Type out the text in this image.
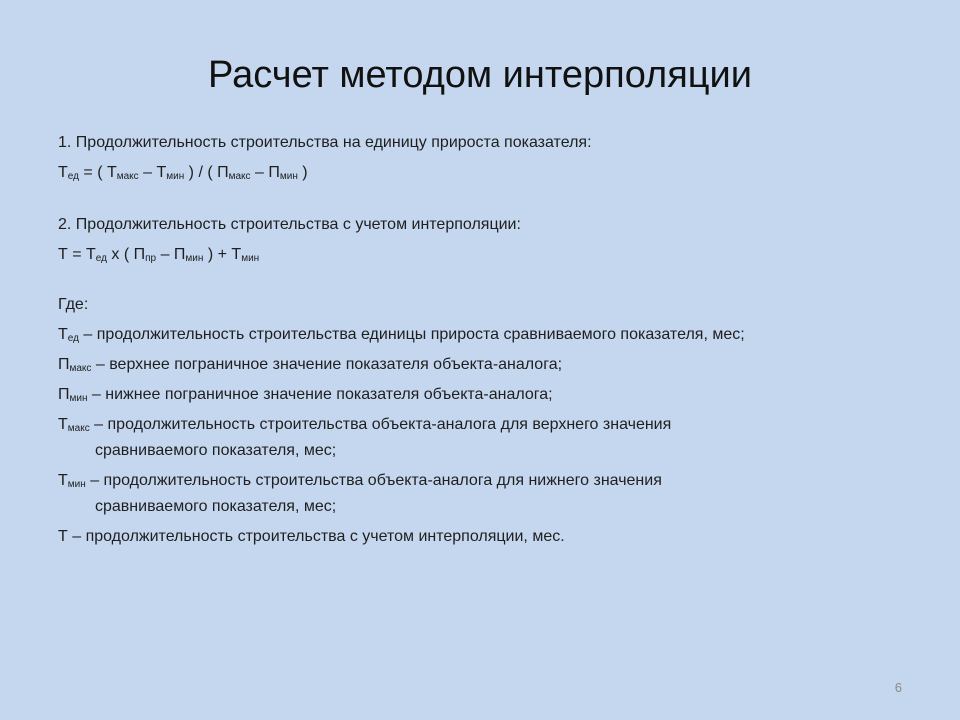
Расчет методом интерполяции
1. Продолжительность строительства на единицу прироста показателя:
$Т_{ед}$ = ( $Т_{макс} - Т_{мин}$ ) / ( $П_{макс} - П_{мин}$ )
2. Продолжительность строительства с учетом интерполяции:
$Т = Т_{ед}$ х ( $П_{пр} - П_{мин}$ ) + $Т_{мин}$
Где:
$Т_{ед}$ – продолжительность строительства единицы прироста сравниваемого показателя, мес;
$П_{макс}$ – верхнее пограничное значение показателя объекта-аналога;
$П_{мин}$ – нижнее пограничное значение показателя объекта-аналога;
$Т_{макс}$ – продолжительность строительства объекта-аналога для верхнего значения
сравниваемого показателя, мес;
$Т_{мин}$ – продолжительность строительства объекта-аналога для нижнего значения
сравниваемого показателя, мес;
Т – продолжительность строительства с учетом интерполяции, мес.
6
